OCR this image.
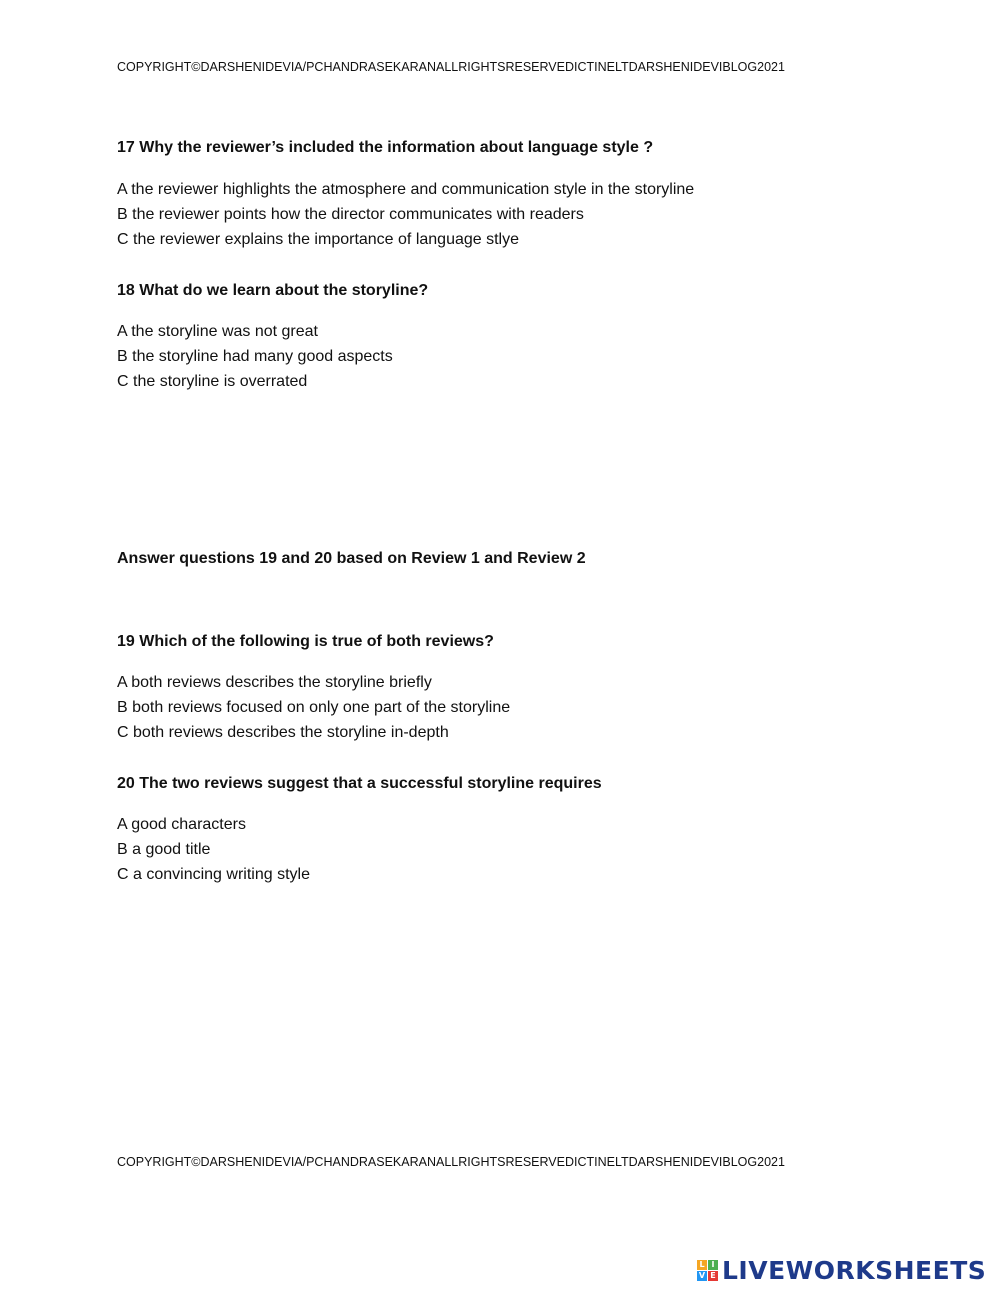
COPYRIGHT©DARSHENIDEVIA/PCHANDRASEKARANALLRIGHTSRESERVEDICTINELTDARSHENIDEVIBLOG2021
17 Why the reviewer’s included the information about language style ?
A the reviewer highlights the atmosphere and communication style in the storyline
B the reviewer points how the director communicates with readers
C the reviewer explains the importance of language stlye
18 What do we learn about the storyline?
A the storyline was not great
B the storyline had many good aspects
C the storyline is overrated
Answer questions 19 and 20 based on Review 1 and Review 2
19 Which of the following is true of both reviews?
A both reviews describes the storyline briefly
B both reviews focused on only one part of the storyline
C both reviews describes the storyline in-depth
20 The two reviews suggest that a successful storyline requires
A good characters
B a good title
C a convincing writing style
COPYRIGHT©DARSHENIDEVIA/PCHANDRASEKARANALLRIGHTSRESERVEDICTINELTDARSHENIDEVIBLOG2021
L I
V E LIVEWORKSHEETS
